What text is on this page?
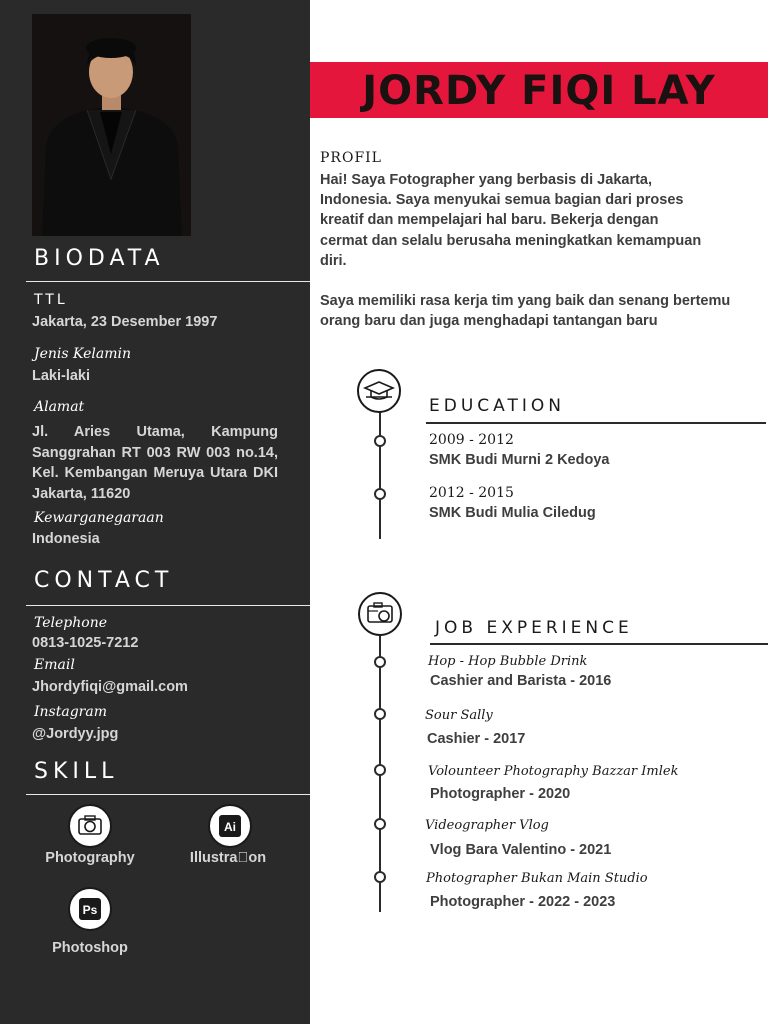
BIODATA
TTL
Jakarta, 23 Desember 1997
Jenis Kelamin
Laki-laki
Alamat
Jl. Aries Utama, Kampung Sanggrahan RT 003 RW 003 no.14, Kel. Kembangan Meruya Utara DKI Jakarta, 11620
Kewarganegaraan
Indonesia
CONTACT
Telephone
0813-1025-7212
Email
Jhordyfiqi@gmail.com
Instagram
@Jordyy.jpg
SKILL
Photography
Ai
Illustra on
Ps
Photoshop
JORDY FIQI LAY
PROFIL
Hai! Saya Fotographer yang berbasis di Jakarta,
Indonesia. Saya menyukai semua bagian dari proses
kreatif dan mempelajari hal baru. Bekerja dengan
cermat dan selalu berusaha meningkatkan kemampuan
diri.
Saya memiliki rasa kerja tim yang baik dan senang bertemu
orang baru dan juga menghadapi tantangan baru
EDUCATION
2009 - 2012
SMK Budi Murni 2 Kedoya
2012 - 2015
SMK Budi Mulia Ciledug
JOB EXPERIENCE
Hop - Hop Bubble Drink
Cashier and Barista - 2016
Sour Sally
Cashier - 2017
Volounteer Photography Bazzar Imlek
Photographer - 2020
Videographer Vlog
Vlog Bara Valentino - 2021
Photographer Bukan Main Studio
Photographer - 2022 - 2023
